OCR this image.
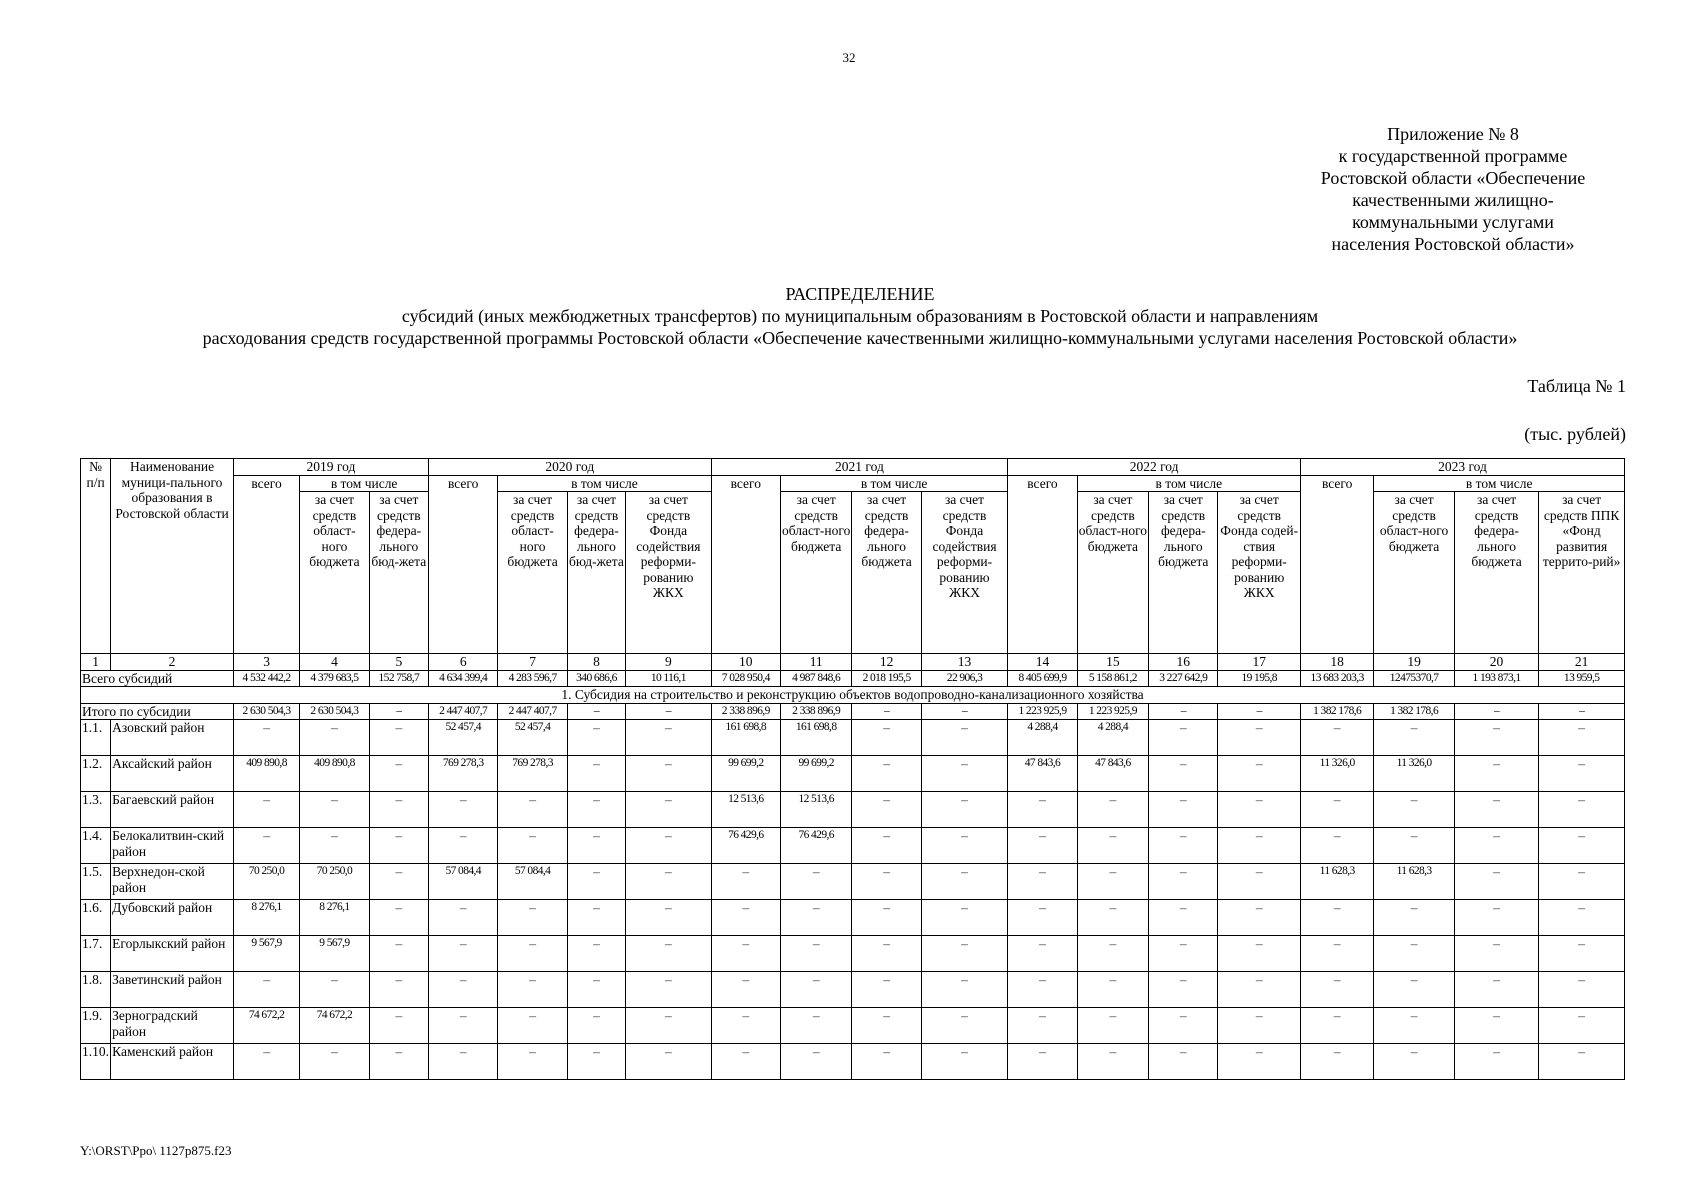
32
Приложение № 8
к государственной программе
Ростовской области «Обеспечение
качественными жилищно-
коммунальными услугами
населения Ростовской области»
РАСПРЕДЕЛЕНИЕ
субсидий (иных межбюджетных трансфертов) по муниципальным образованиям в Ростовской области и направлениям
расходования средств государственной программы Ростовской области «Обеспечение качественными жилищно-коммунальными услугами населения Ростовской области»
Таблица № 1
(тыс. рублей)
№ п/п	Наименование муници-пального образования в Ростовской области	2019 год			2020 год				2021 год				2022 год				2023 год			
		всего	в том числе		всего	в том числе			всего	в том числе			всего	в том числе			всего	в том числе		
			за счет средств област-ного бюджета	за счет средств федера-льного бюд-жета		за счет средств област-ного бюджета	за счет средств федера-льного бюд-жета	за счет средств Фонда содействия реформи-рованию ЖКХ		за счет средств област-ного бюджета	за счет средств федера-льного бюджета	за счет средств Фонда содействия реформи-рованию ЖКХ		за счет средств област-ного бюджета	за счет средств федера-льного бюджета	за счет средств Фонда содей-ствия реформи-рованию ЖКХ		за счет средств област-ного бюджета	за счет средств федера-льного бюджета	за счет средств ППК «Фонд развития террито-рий»
1	2	3	4	5	6	7	8	9	10	11	12	13	14	15	16	17	18	19	20	21
Всего субсидий		4 532 442,2	4 379 683,5	152 758,7	4 634 399,4	4 283 596,7	340 686,6	10 116,1	7 028 950,4	4 987 848,6	2 018 195,5	22 906,3	8 405 699,9	5 158 861,2	3 227 642,9	19 195,8	13 683 203,3	12475370,7	1 193 873,1	13 959,5
1. Субсидия на строительство и реконструкцию объектов водопроводно-канализационного хозяйства																				
Итого по субсидии		2 630 504,3	2 630 504,3	–	2 447 407,7	2 447 407,7	–	–	2 338 896,9	2 338 896,9	–	–	1 223 925,9	1 223 925,9	–	–	1 382 178,6	1 382 178,6	–	–
1.1.	Азовский район	–	–	–	52 457,4	52 457,4	–	–	161 698,8	161 698,8	–	–	4 288,4	4 288,4	–	–	–	–	–	–
1.2.	Аксайский район	409 890,8	409 890,8	–	769 278,3	769 278,3	–	–	99 699,2	99 699,2	–	–	47 843,6	47 843,6	–	–	11 326,0	11 326,0	–	–
1.3.	Багаевский район	–	–	–	–	–	–	–	12 513,6	12 513,6	–	–	–	–	–	–	–	–	–	–
1.4.	Белокалитвин-ский район	–	–	–	–	–	–	–	76 429,6	76 429,6	–	–	–	–	–	–	–	–	–	–
1.5.	Верхнедон-ской район	70 250,0	70 250,0	–	57 084,4	57 084,4	–	–	–	–	–	–	–	–	–	–	11 628,3	11 628,3	–	–
1.6.	Дубовский район	8 276,1	8 276,1	–	–	–	–	–	–	–	–	–	–	–	–	–	–	–	–	–
1.7.	Егорлыкский район	9 567,9	9 567,9	–	–	–	–	–	–	–	–	–	–	–	–	–	–	–	–	–
1.8.	Заветинский район	–	–	–	–	–	–	–	–	–	–	–	–	–	–	–	–	–	–	–
1.9.	Зерноградский район	74 672,2	74 672,2	–	–	–	–	–	–	–	–	–	–	–	–	–	–	–	–	–
1.10.	Каменский район	–	–	–	–	–	–	–	–	–	–	–	–	–	–	–	–	–	–	–
Y:\ORST\Ppo\ 1127p875.f23
